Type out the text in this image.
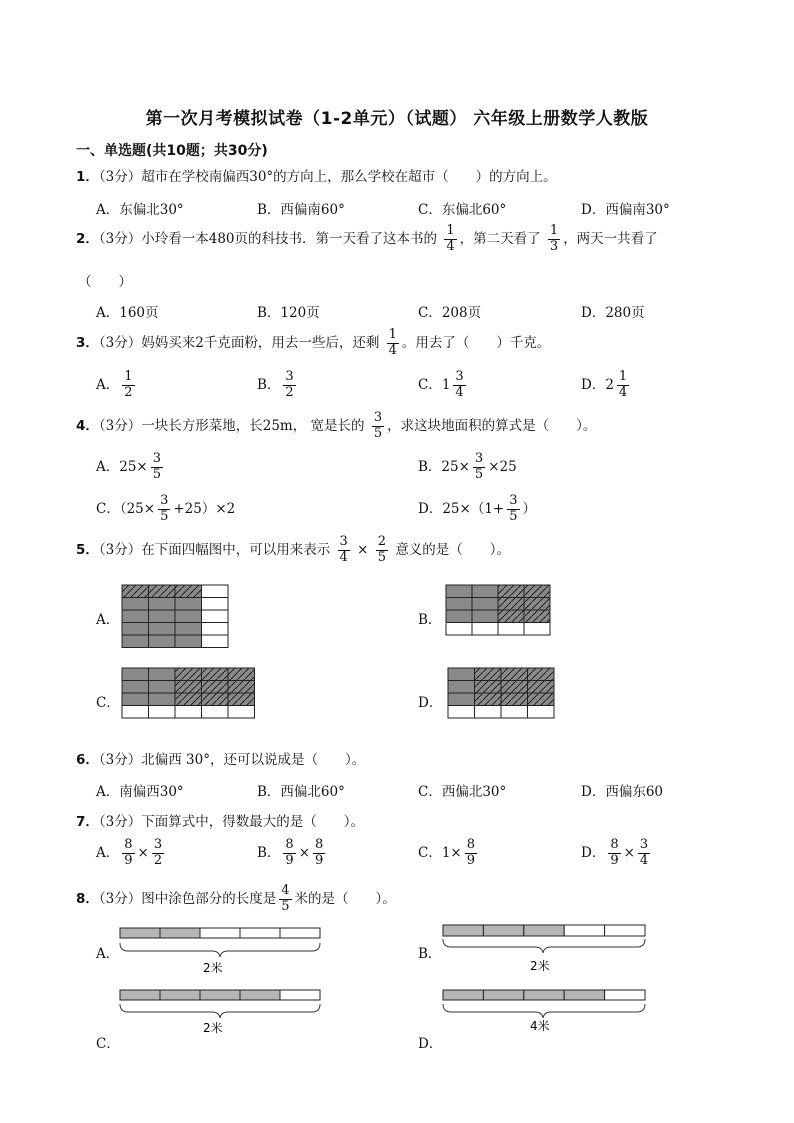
第一次月考模拟试卷（1-2单元）（试题） 六年级上册数学人教版
一、单选题(共10题；共30分)
1．（3分）超市在学校南偏西30°的方向上，那么学校在超市（　　）的方向上。
A．东偏北30°	B．西偏南60°	C．东偏北60°	D．西偏南30°
2．（3分）小玲看一本480页的科技书．第一天看了这本书的 $\frac{1}{4}$ ，第二天看了 $\frac{1}{3}$ ，两天一共看了
（　　）
A．160页	B．120页	C．208页	D．280页
3．（3分）妈妈买来2千克面粉，用去一些后，还剩 $\frac{1}{4}$ 。用去了（　　）千克。
A． $\frac{1}{2}$	B． $\frac{3}{2}$	C．$1 \frac{3}{4}$	D．$2 \frac{1}{4}$
4．（3分）一块长方形菜地，长25m， 宽是长的 $\frac{3}{5}$ ，求这块地面积的算式是（　　）。
A．$25\times \frac{3}{5}$	B．$25\times \frac{3}{5} \times 25$
C．$(25\times \frac{3}{5} +25)\times 2$	D．$25\times(1+ \frac{3}{5}$ ）
5．（3分）在下面四幅图中，可以用来表示 $\frac{3}{4} \times \frac{2}{5}$ 意义的是（　　）。
A．	B．
C．	D．
6．（3分）北偏西 30°，还可以说成是（　　）。
A．南偏西30°	B．西偏北60°	C．西偏北30°	D．西偏东60
7．（3分）下面算式中，得数最大的是（　　）。
A． $\frac{8}{9} \times \frac{3}{2}$	B． $\frac{8}{9} \times \frac{8}{9}$	C．$1\times \frac{8}{9}$	D． $\frac{8}{9} \times \frac{3}{4}$
8．（3分）图中涂色部分的长度是 $\frac{4}{5}$ 米的是（　　）。
A．	B．
C．	D．
2米	2米
2米	4米
